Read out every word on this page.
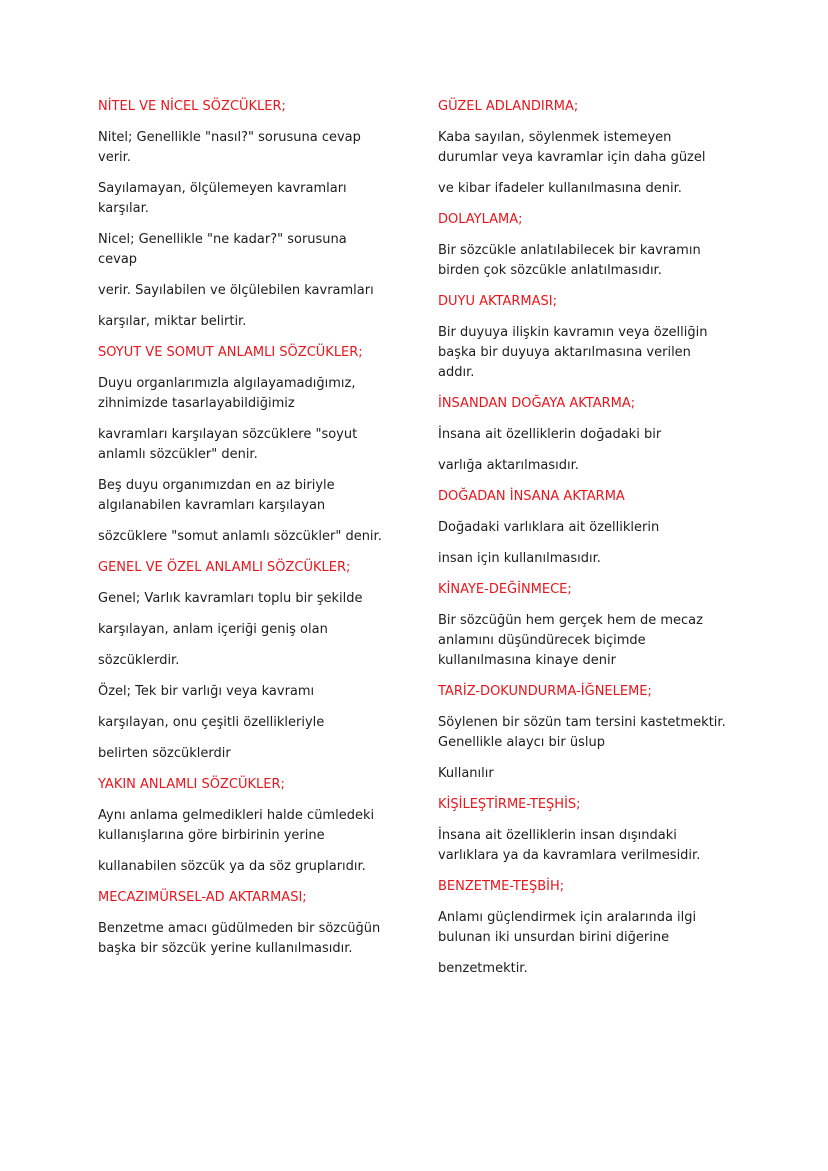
NİTEL VE NİCEL SÖZCÜKLER;
Nitel; Genellikle "nasıl?" sorusuna cevap
verir.
Sayılamayan, ölçülemeyen kavramları
karşılar.
Nicel; Genellikle "ne kadar?" sorusuna
cevap
verir. Sayılabilen ve ölçülebilen kavramları
karşılar, miktar belirtir.
SOYUT VE SOMUT ANLAMLI SÖZCÜKLER;
Duyu organlarımızla algılayamadığımız,
zihnimizde tasarlayabildiğimiz
kavramları karşılayan sözcüklere "soyut
anlamlı sözcükler" denir.
Beş duyu organımızdan en az biriyle
algılanabilen kavramları karşılayan
sözcüklere "somut anlamlı sözcükler" denir.
GENEL VE ÖZEL ANLAMLI SÖZCÜKLER;
Genel; Varlık kavramları toplu bir şekilde
karşılayan, anlam içeriği geniş olan
sözcüklerdir.
Özel; Tek bir varlığı veya kavramı
karşılayan, onu çeşitli özellikleriyle
belirten sözcüklerdir
YAKIN ANLAMLI SÖZCÜKLER;
Aynı anlama gelmedikleri halde cümledeki
kullanışlarına göre birbirinin yerine
kullanabilen sözcük ya da söz gruplarıdır.
MECAZIMÜRSEL-AD AKTARMASI;
Benzetme amacı güdülmeden bir sözcüğün
başka bir sözcük yerine kullanılmasıdır.
GÜZEL ADLANDIRMA;
Kaba sayılan, söylenmek istemeyen
durumlar veya kavramlar için daha güzel
ve kibar ifadeler kullanılmasına denir.
DOLAYLAMA;
Bir sözcükle anlatılabilecek bir kavramın
birden çok sözcükle anlatılmasıdır.
DUYU AKTARMASI;
Bir duyuya ilişkin kavramın veya özelliğin
başka bir duyuya aktarılmasına verilen
addır.
İNSANDAN DOĞAYA AKTARMA;
İnsana ait özelliklerin doğadaki bir
varlığa aktarılmasıdır.
DOĞADAN İNSANA AKTARMA
Doğadaki varlıklara ait özelliklerin
insan için kullanılmasıdır.
KİNAYE-DEĞİNMECE;
Bir sözcüğün hem gerçek hem de mecaz
anlamını düşündürecek biçimde
kullanılmasına kinaye denir
TARİZ-DOKUNDURMA-İĞNELEME;
Söylenen bir sözün tam tersini kastetmektir.
Genellikle alaycı bir üslup
Kullanılır
KİŞİLEŞTİRME-TEŞHİS;
İnsana ait özelliklerin insan dışındaki
varlıklara ya da kavramlara verilmesidir.
BENZETME-TEŞBİH;
Anlamı güçlendirmek için aralarında ilgi
bulunan iki unsurdan birini diğerine
benzetmektir.
